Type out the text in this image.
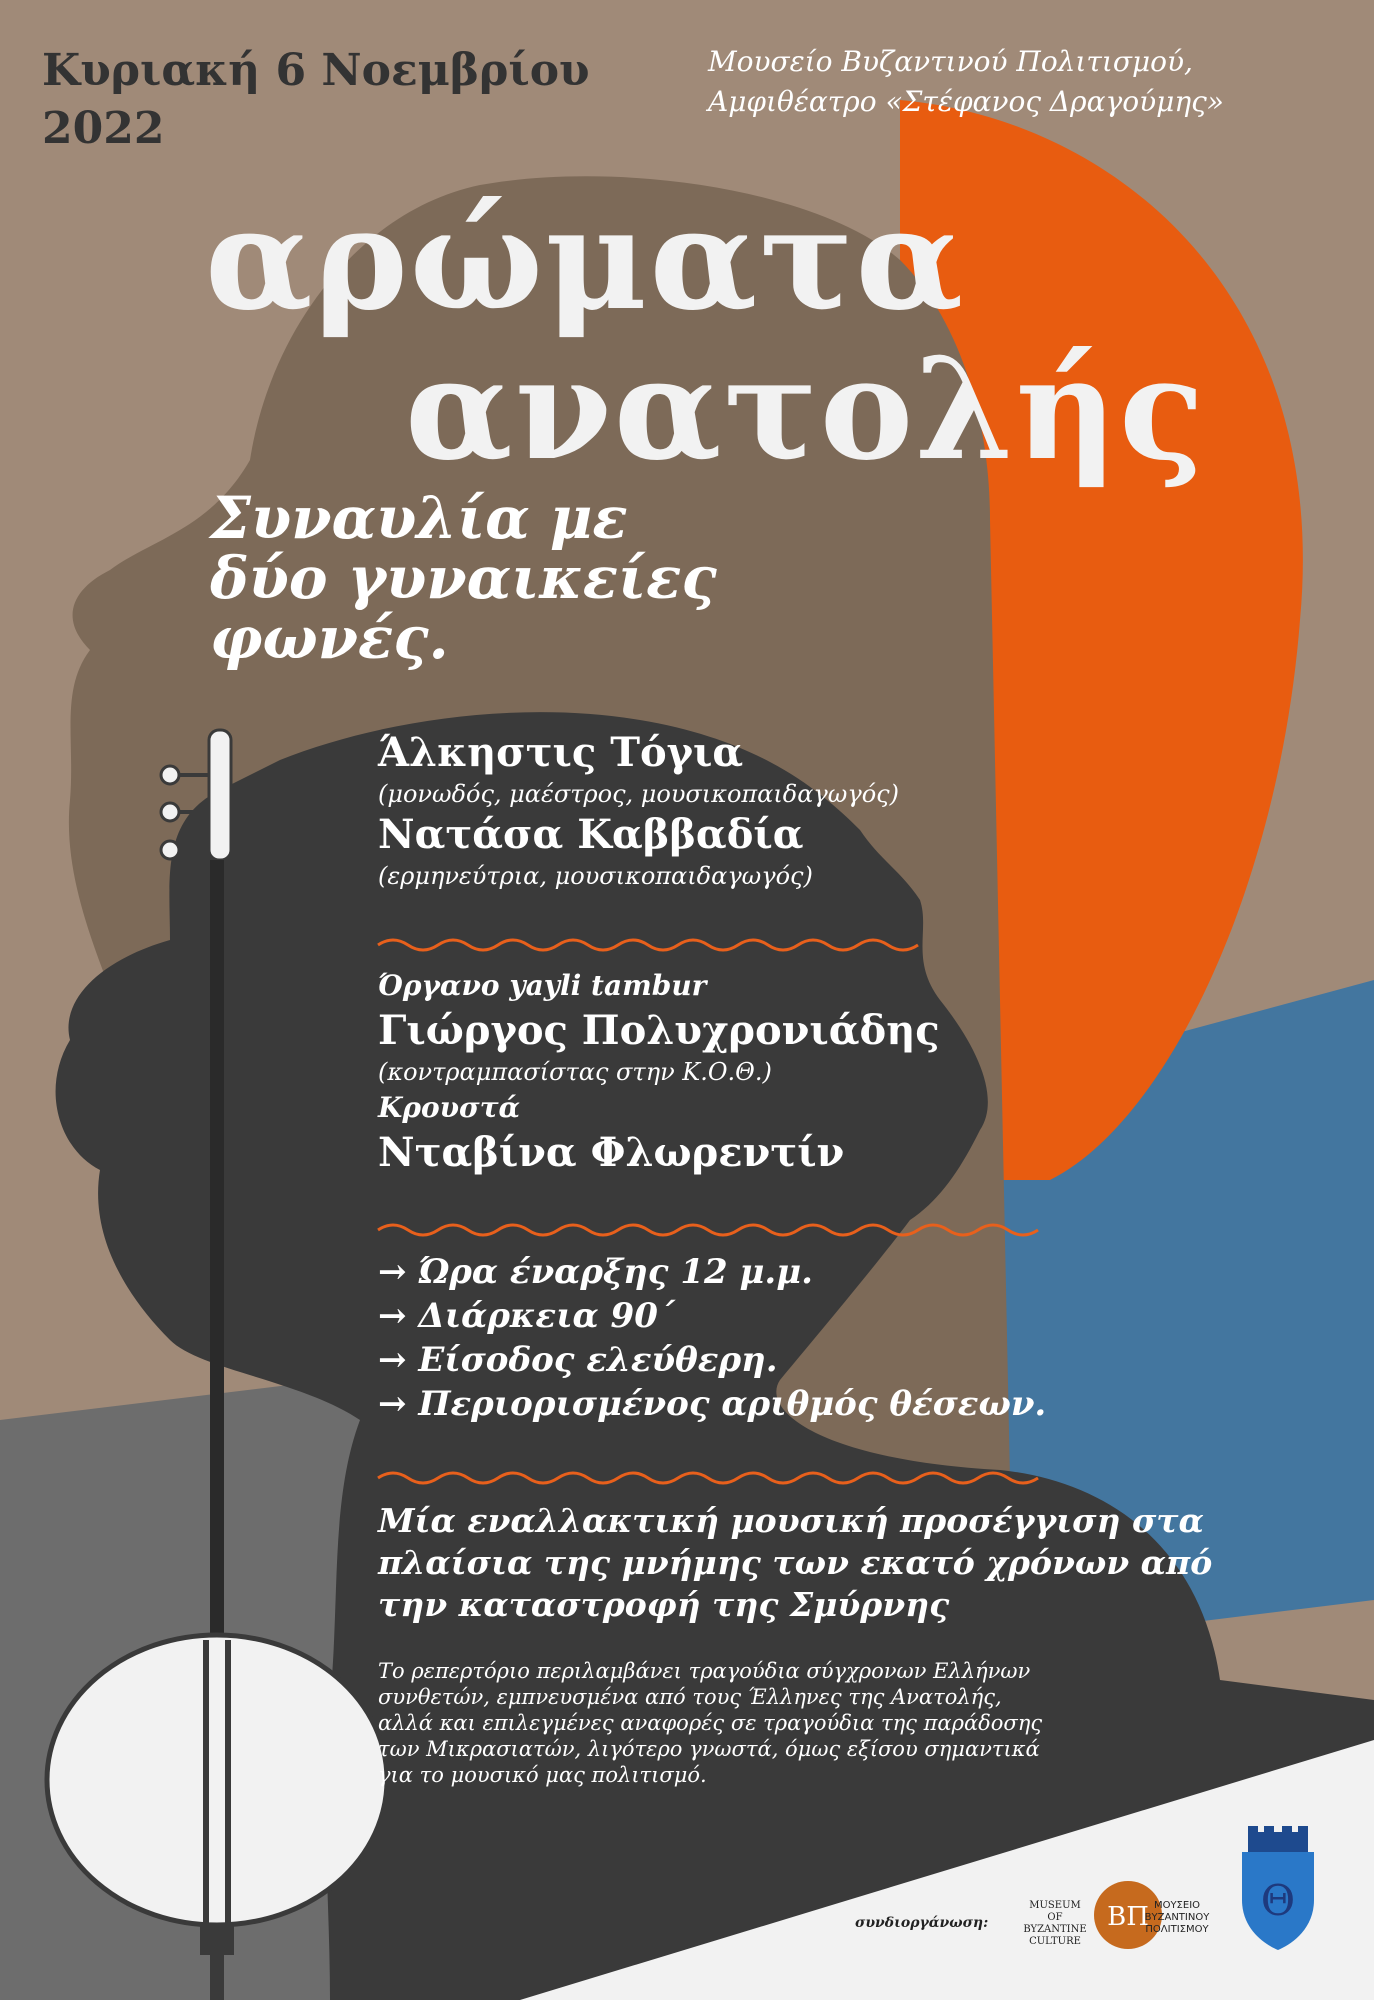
ΒΠ	Θ
Κυριακή 6 Νοεμβρίου
2022
Μουσείο Βυζαντινού Πολιτισμού,
Αμφιθέατρο «Στέφανος Δραγούμης»
αρώματα
ανατολής
Συναυλία με
δύο γυναικείες
φωνές.
Άλκηστις Τόγια
(μονωδός, μαέστρος, μουσικοπαιδαγωγός)
Νατάσα Καββαδία
(ερμηνεύτρια, μουσικοπαιδαγωγός)
Όργανο yayli tambur
Γιώργος Πολυχρονιάδης
(κοντραμπασίστας στην Κ.Ο.Θ.)
Κρουστά
Νταβίνα Φλωρεντίν
→ Ώρα έναρξης 12 μ.μ.
→ Διάρκεια 90΄
→ Είσοδος ελεύθερη.
→ Περιορισμένος αριθμός θέσεων.
Μία εναλλακτική μουσική προσέγγιση στα
πλαίσια της μνήμης των εκατό χρόνων από
την καταστροφή της Σμύρνης
Το ρεπερτόριο περιλαμβάνει τραγούδια σύγχρονων Ελλήνων
συνθετών, εμπνευσμένα από τους Έλληνες της Ανατολής,
αλλά και επιλεγμένες αναφορές σε τραγούδια της παράδοσης
των Μικρασιατών, λιγότερο γνωστά, όμως εξίσου σημαντικά
για το μουσικό μας πολιτισμό.
συνδιοργάνωση:
MUSEUM
OF BYZANTINE
CULTURE
ΜΟΥΣΕΙΟ
ΒΥΖΑΝΤΙΝΟΥ
ΠΟΛΙΤΙΣΜΟΥ
